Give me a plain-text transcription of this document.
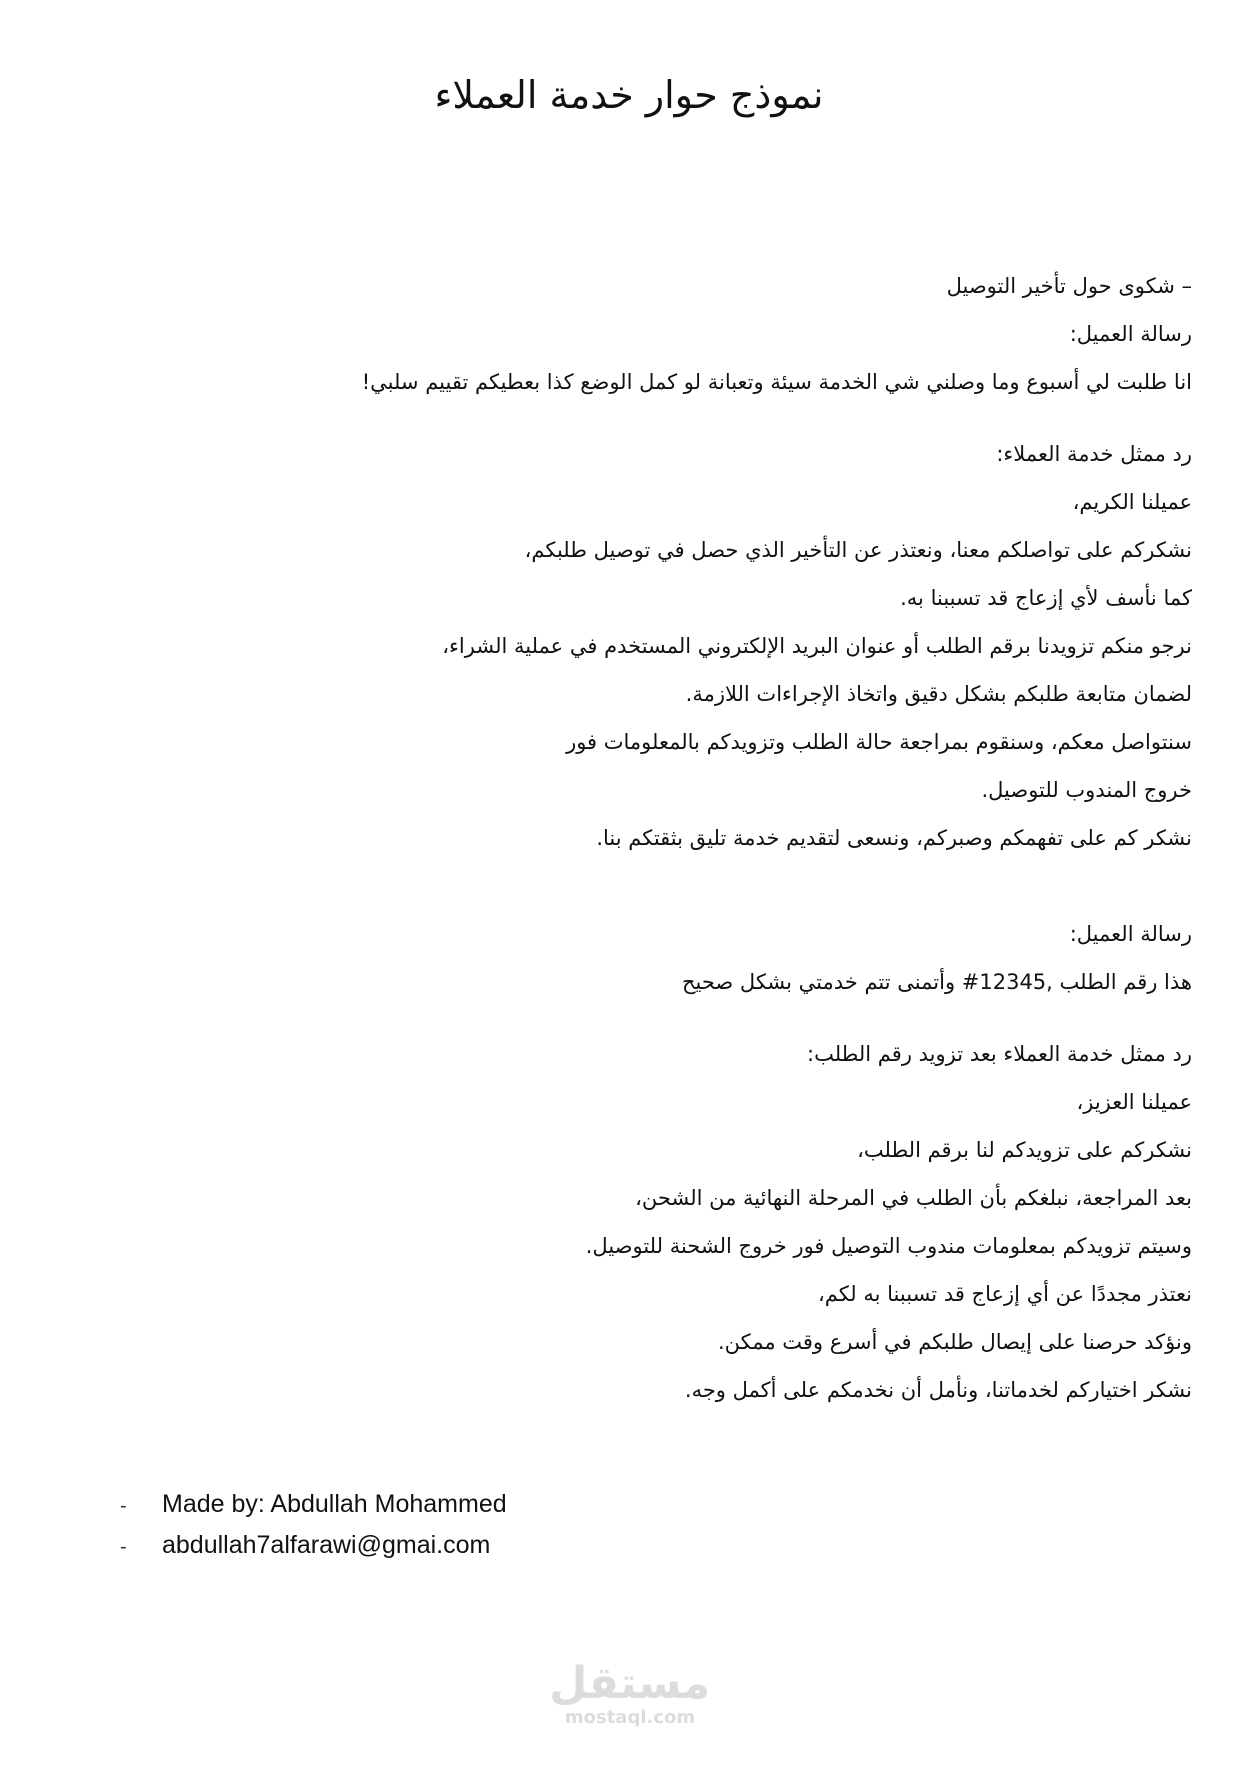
نموذج حوار خدمة العملاء
– شكوى حول تأخير التوصيل
رسالة العميل:
انا طلبت لي أسبوع وما وصلني شي الخدمة سيئة وتعبانة لو كمل الوضع كذا بعطيكم تقييم سلبي!
رد ممثل خدمة العملاء:
عميلنا الكريم،
نشكركم على تواصلكم معنا، ونعتذر عن التأخير الذي حصل في توصيل طلبكم،
كما نأسف لأي إزعاج قد تسببنا به.
نرجو منكم تزويدنا برقم الطلب أو عنوان البريد الإلكتروني المستخدم في عملية الشراء،
لضمان متابعة طلبكم بشكل دقيق واتخاذ الإجراءات اللازمة.
سنتواصل معكم، وسنقوم بمراجعة حالة الطلب وتزويدكم بالمعلومات فور
خروج المندوب للتوصيل.
نشكر كم على تفهمكم وصبركم، ونسعى لتقديم خدمة تليق بثقتكم بنا.
رسالة العميل:
هذا رقم الطلب #12345, وأتمنى تتم خدمتي بشكل صحيح
رد ممثل خدمة العملاء بعد تزويد رقم الطلب:
عميلنا العزيز،
نشكركم على تزويدكم لنا برقم الطلب،
بعد المراجعة، نبلغكم بأن الطلب في المرحلة النهائية من الشحن،
وسيتم تزويدكم بمعلومات مندوب التوصيل فور خروج الشحنة للتوصيل.
نعتذر مجددًا عن أي إزعاج قد تسببنا به لكم،
ونؤكد حرصنا على إيصال طلبكم في أسرع وقت ممكن.
نشكر اختياركم لخدماتنا، ونأمل أن نخدمكم على أكمل وجه.
- Made by: Abdullah Mohammed
- abdullah7alfarawi@gmai.com
مستقل
mostaql.com
